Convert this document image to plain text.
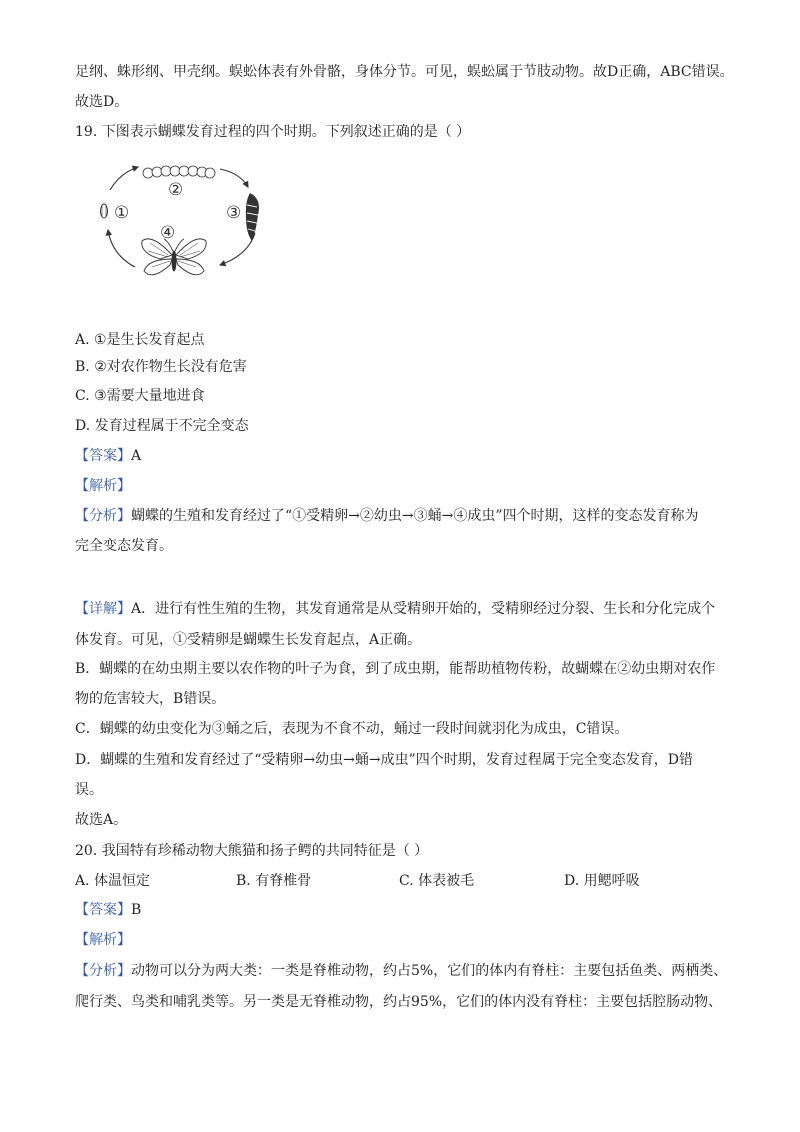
足纲、蛛形纲、甲壳纲。蜈蚣体表有外骨骼，身体分节。可见，蜈蚣属于节肢动物。故D正确，ABC错误。
故选D。
19. 下图表示蝴蝶发育过程的四个时期。下列叙述正确的是（ ）
②
①	③
④
A. ①是生长发育起点
B. ②对农作物生长没有危害
C. ③需要大量地进食
D. 发育过程属于不完全变态
【答案】A
【解析】
【分析】蝴蝶的生殖和发育经过了“①受精卵→②幼虫→③蛹→④成虫”四个时期，这样的变态发育称为
完全变态发育。
【详解】A．进行有性生殖的生物，其发育通常是从受精卵开始的，受精卵经过分裂、生长和分化完成个
体发育。可见，①受精卵是蝴蝶生长发育起点，A正确。
B．蝴蝶的在幼虫期主要以农作物的叶子为食，到了成虫期，能帮助植物传粉，故蝴蝶在②幼虫期对农作
物的危害较大，B错误。
C．蝴蝶的幼虫变化为③蛹之后，表现为不食不动，蛹过一段时间就羽化为成虫，C错误。
D．蝴蝶的生殖和发育经过了“受精卵→幼虫→蛹→成虫”四个时期，发育过程属于完全变态发育，D错
误。
故选A。
20. 我国特有珍稀动物大熊猫和扬子鳄的共同特征是（ ）
A. 体温恒定	B. 有脊椎骨	C. 体表被毛	D. 用鳃呼吸
【答案】B
【解析】
【分析】动物可以分为两大类：一类是脊椎动物，约占5%，它们的体内有脊柱：主要包括鱼类、两栖类、
爬行类、鸟类和哺乳类等。另一类是无脊椎动物，约占95%，它们的体内没有脊柱：主要包括腔肠动物、
